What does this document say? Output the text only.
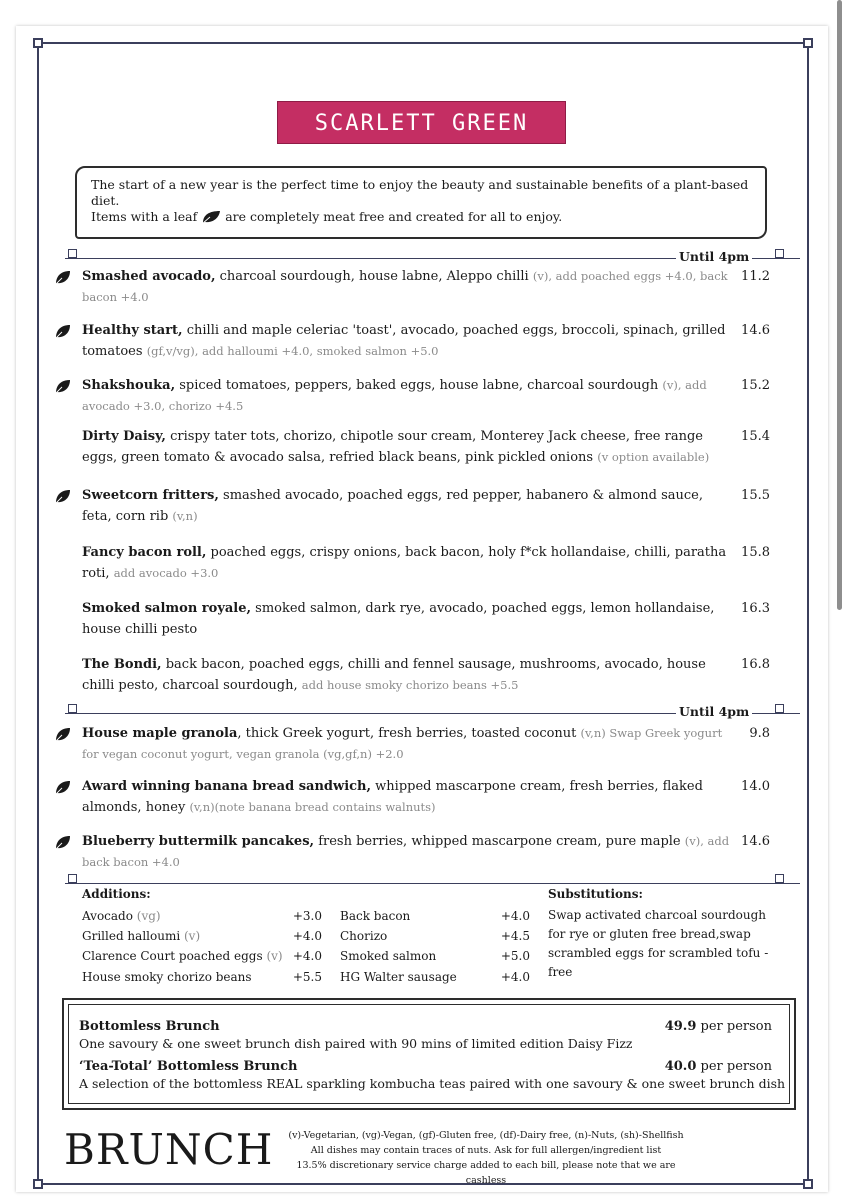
SCARLETT GREEN
The start of a new year is the perfect time to enjoy the beauty and sustainable benefits of a plant-based diet.
Items with a leaf are completely meat free and created for all to enjoy.
Until 4pm
Smashed avocado, charcoal sourdough, house labne, Aleppo chilli (v), add poached eggs +4.0, back bacon +4.0
11.2
Healthy start, chilli and maple celeriac 'toast', avocado, poached eggs, broccoli, spinach, grilled tomatoes (gf,v/vg), add halloumi +4.0, smoked salmon +5.0
14.6
Shakshouka, spiced tomatoes, peppers, baked eggs, house labne, charcoal sourdough (v), add avocado +3.0, chorizo +4.5
15.2
Dirty Daisy, crispy tater tots, chorizo, chipotle sour cream, Monterey Jack cheese, free range eggs, green tomato & avocado salsa, refried black beans, pink pickled onions (v option available)
15.4
Sweetcorn fritters, smashed avocado, poached eggs, red pepper, habanero & almond sauce, feta, corn rib (v,n)
15.5
Fancy bacon roll, poached eggs, crispy onions, back bacon, holy f*ck hollandaise, chilli, paratha roti, add avocado +3.0
15.8
Smoked salmon royale, smoked salmon, dark rye, avocado, poached eggs, lemon hollandaise, house chilli pesto
16.3
The Bondi, back bacon, poached eggs, chilli and fennel sausage, mushrooms, avocado, house chilli pesto, charcoal sourdough, add house smoky chorizo beans +5.5
16.8
Until 4pm
House maple granola, thick Greek yogurt, fresh berries, toasted coconut (v,n) Swap Greek yogurt for vegan coconut yogurt, vegan granola (vg,gf,n) +2.0
9.8
Award winning banana bread sandwich, whipped mascarpone cream, fresh berries, flaked almonds, honey (v,n)(note banana bread contains walnuts)
14.0
Blueberry buttermilk pancakes, fresh berries, whipped mascarpone cream, pure maple (v), add back bacon +4.0
14.6
Additions:
Avocado (vg)	+3.0
Grilled halloumi (v)	+4.0
Clarence Court poached eggs (v) +4.0
House smoky chorizo beans	+5.5
Back bacon	+4.0
Chorizo	+4.5
Smoked salmon	+5.0
HG Walter sausage	+4.0
Substitutions:
Swap activated charcoal sourdough for rye or gluten free bread,swap scrambled eggs for scrambled tofu - free
Bottomless Brunch
One savoury & one sweet brunch dish paired with 90 mins of limited edition Daisy Fizz
49.9 per person
‘Tea-Total’ Bottomless Brunch
A selection of the bottomless REAL sparkling kombucha teas paired with one savoury & one sweet brunch dish
40.0 per person
BRUNCH	(v)-Vegetarian, (vg)-Vegan, (gf)-Gluten free, (df)-Dairy free, (n)-Nuts, (sh)-Shellfish
All dishes may contain traces of nuts. Ask for full allergen/ingredient list
13.5% discretionary service charge added to each bill, please note that we are cashless
